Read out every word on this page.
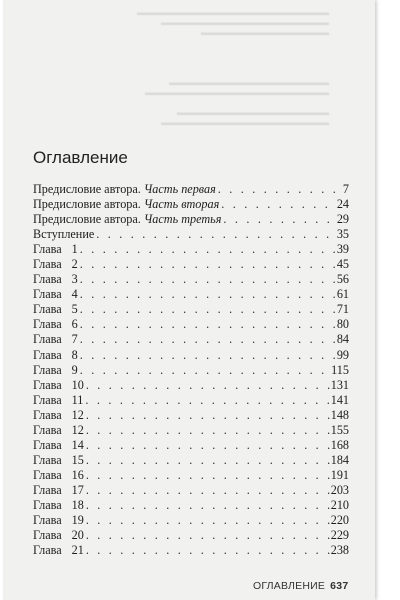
▬▬▬▬▬▬▬▬▬▬▬▬▬▬▬▬▬▬▬▬▬▬▬▬
▬▬▬▬▬▬▬▬▬▬▬▬▬▬▬▬▬▬▬▬▬
▬▬▬▬▬▬▬▬▬▬▬▬▬▬▬▬

▬▬▬▬▬▬▬▬▬▬▬▬▬▬▬▬▬▬▬▬
▬▬▬▬▬▬▬▬▬▬▬▬▬▬▬▬▬▬▬▬▬▬▬

▬▬▬▬▬▬▬▬▬▬▬▬▬▬▬▬▬▬▬
▬▬▬▬▬▬▬▬▬▬▬▬▬▬▬▬▬▬▬▬▬
Оглавление
Предисловие автора. Часть первая . . .	7
Предисловие автора. Часть вторая . . .	24
Предисловие автора. Часть третья . . .	29
Вступление . . .	35
Глава 1 . . .	39
Глава 2 . . .	45
Глава 3 . . .	56
Глава 4 . . .	61
Глава 5 . . .	71
Глава 6 . . .	80
Глава 7 . . .	84
Глава 8 . . .	99
Глава 9 . . .	115
Глава 10 . . .	131
Глава 11 . . .	141
Глава 12 . . .	148
Глава 12 . . .	155
Глава 14 . . .	168
Глава 15 . . .	184
Глава 16 . . .	191
Глава 17 . . .	203
Глава 18 . . .	210
Глава 19 . . .	220
Глава 20 . . .	229
Глава 21 . . .	238
ОГЛАВЛЕНИЕ 637
